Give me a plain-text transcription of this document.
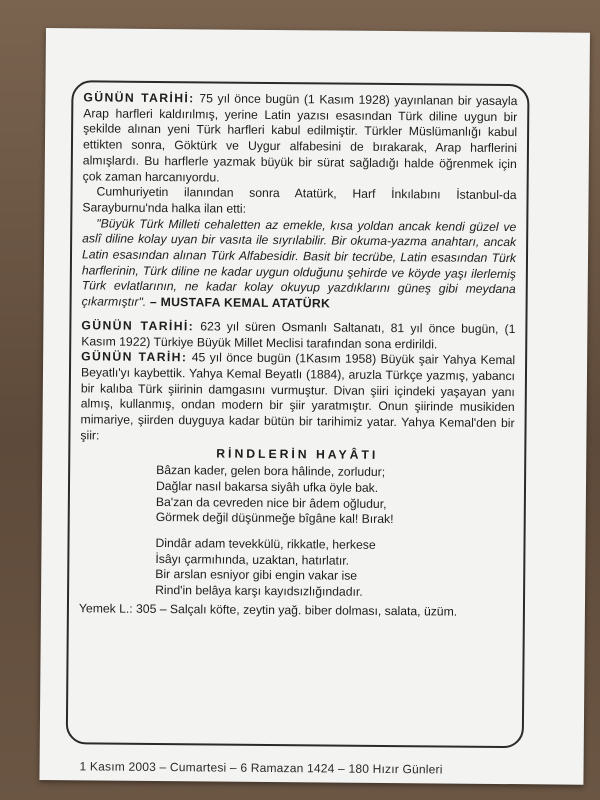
GÜNÜN TARİHİ: 75 yıl önce bugün (1 Kasım 1928) yayınlanan bir yasayla Arap harfleri kaldırılmış, yerine Latin yazısı esasından Türk diline uygun bir şekilde alınan yeni Türk harfleri kabul edilmiştir. Türkler Müslümanlığı kabul ettikten sonra, Göktürk ve Uygur alfabesini de bırakarak, Arap harflerini almışlardı. Bu harflerle yazmak büyük bir sürat sağladığı halde öğrenmek için çok zaman harcanıyordu.

Cumhuriyetin ilanından sonra Atatürk, Harf İnkılabını İstanbul-da Sarayburnu'nda halka ilan etti:

"Büyük Türk Milleti cehaletten az emekle, kısa yoldan ancak kendi güzel ve aslî diline kolay uyan bir vasıta ile sıyrılabilir. Bir okuma-yazma anahtarı, ancak Latin esasından alınan Türk Alfabesidir. Basit bir tecrübe, Latin esasından Türk harflerinin, Türk diline ne kadar uygun olduğunu şehirde ve köyde yaşı ilerlemiş Türk evlatlarının, ne kadar kolay okuyup yazdıklarını güneş gibi meydana çıkarmıştır". – MUSTAFA KEMAL ATATÜRK

GÜNÜN TARİHİ: 623 yıl süren Osmanlı Saltanatı, 81 yıl önce bugün, (1 Kasım 1922) Türkiye Büyük Millet Meclisi tarafından sona erdirildi.

GÜNÜN TARİH: 45 yıl önce bugün (1Kasım 1958) Büyük şair Yahya Kemal Beyatlı'yı kaybettik. Yahya Kemal Beyatlı (1884), aruzla Türkçe yazmış, yabancı bir kalıba Türk şiirinin damgasını vurmuştur. Divan şiiri içindeki yaşayan yanı almış, kullanmış, ondan modern bir şiir yaratmıştır. Onun şiirinde musikiden mimariye, şiirden duyguya kadar bütün bir tarihimiz yatar. Yahya Kemal'den bir şiir:

RİNDLERİN HAYÂTI
Bâzan kader, gelen bora hâlinde, zorludur;
Dağlar nasıl bakarsa siyâh ufka öyle bak.
Ba'zan da cevreden nice bir âdem oğludur,
Görmek değil düşünmeğe bîgâne kal! Bırak!
Dindâr adam tevekkülü, rikkatle, herkese
İsâyı çarmıhında, uzaktan, hatırlatır.
Bir arslan esniyor gibi engin vakar ise
Rind'in belâya karşı kayıdsızlığındadır.
Yemek L.: 305 – Salçalı köfte, zeytin yağ. biber dolması, salata, üzüm.
1 Kasım 2003 – Cumartesi – 6 Ramazan 1424 – 180 Hızır Günleri
